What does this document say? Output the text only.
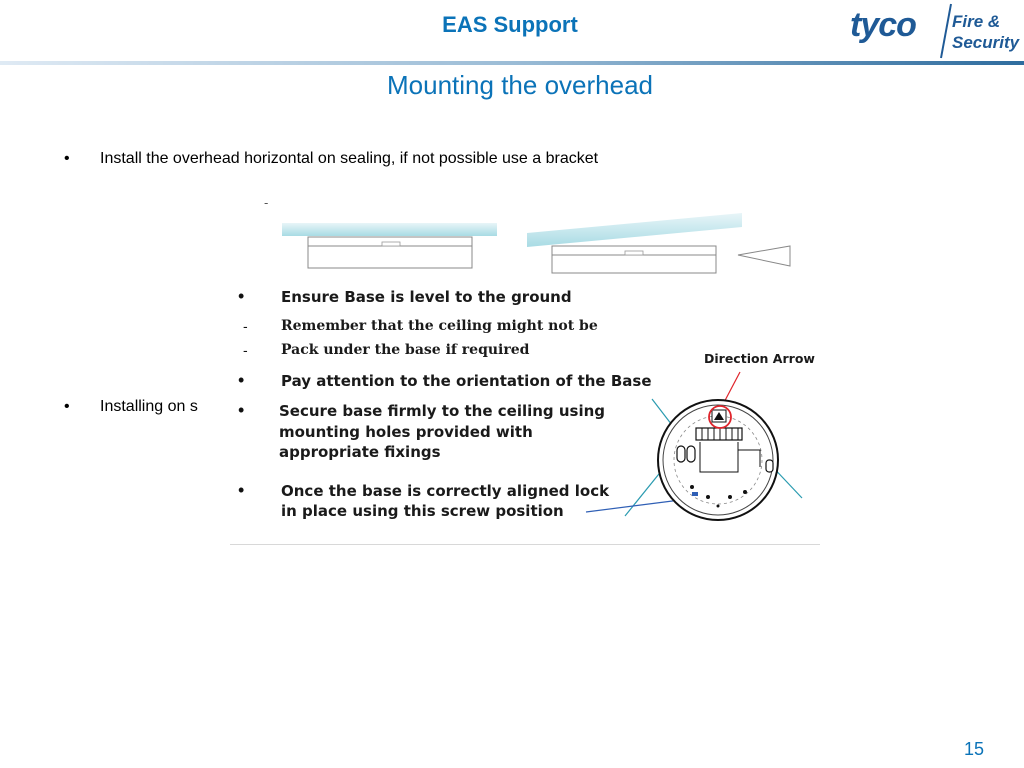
EAS Support	tyco Fire &
Security
Mounting the overhead
• Install the overhead horizontal on sealing, if not possible use a bracket
• Installing on s
-
• Ensure Base is level to the ground
- Remember that the ceiling might not be
- Pack under the base if required
• Pay attention to the orientation of the Base
• Secure base firmly to the ceiling using
mounting holes provided with
appropriate fixings
• Once the base is correctly aligned lock
in place using this screw position
Direction Arrow
15
